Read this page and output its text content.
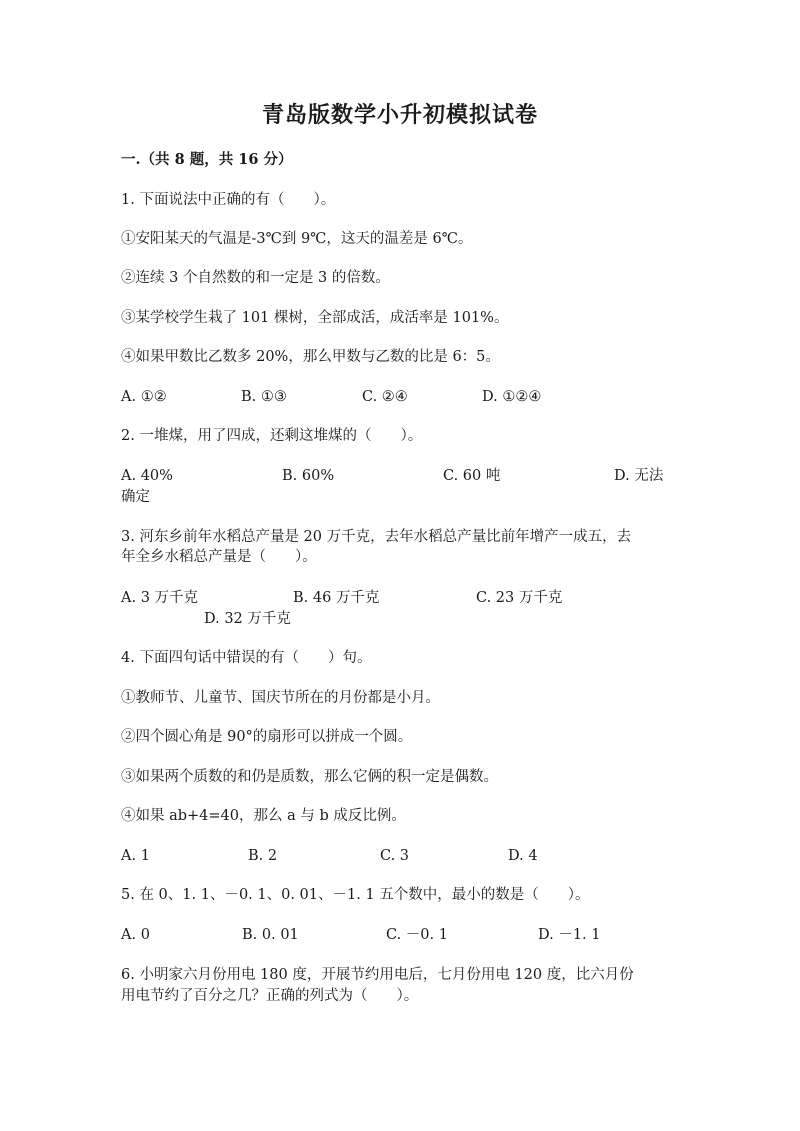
青岛版数学小升初模拟试卷
一.（共 8 题，共 16 分）
1. 下面说法中正确的有（　　）。
①安阳某天的气温是-3℃到 9℃，这天的温差是 6℃。
②连续 3 个自然数的和一定是 3 的倍数。
③某学校学生栽了 101 棵树，全部成活，成活率是 101%。
④如果甲数比乙数多 20%，那么甲数与乙数的比是 6：5。
A. ①②	B. ①③	C. ②④	D. ①②④
2. 一堆煤，用了四成，还剩这堆煤的（　　）。
A. 40%	B. 60%	C. 60 吨	D. 无法
确定
3. 河东乡前年水稻总产量是 20 万千克，去年水稻总产量比前年增产一成五，去
年全乡水稻总产量是（　　）。
A. 3 万千克	B. 46 万千克	C. 23 万千克
D. 32 万千克
4. 下面四句话中错误的有（　　）句。
①教师节、儿童节、国庆节所在的月份都是小月。
②四个圆心角是 90°的扇形可以拼成一个圆。
③如果两个质数的和仍是质数，那么它俩的积一定是偶数。
④如果 ab+4=40，那么 a 与 b 成反比例。
A. 1	B. 2	C. 3	D. 4
5. 在 0、1. 1、－0. 1、0. 01、－1. 1 五个数中，最小的数是（　　）。
A. 0	B. 0. 01	C. －0. 1	D. －1. 1
6. 小明家六月份用电 180 度，开展节约用电后，七月份用电 120 度，比六月份
用电节约了百分之几？正确的列式为（　　）。
